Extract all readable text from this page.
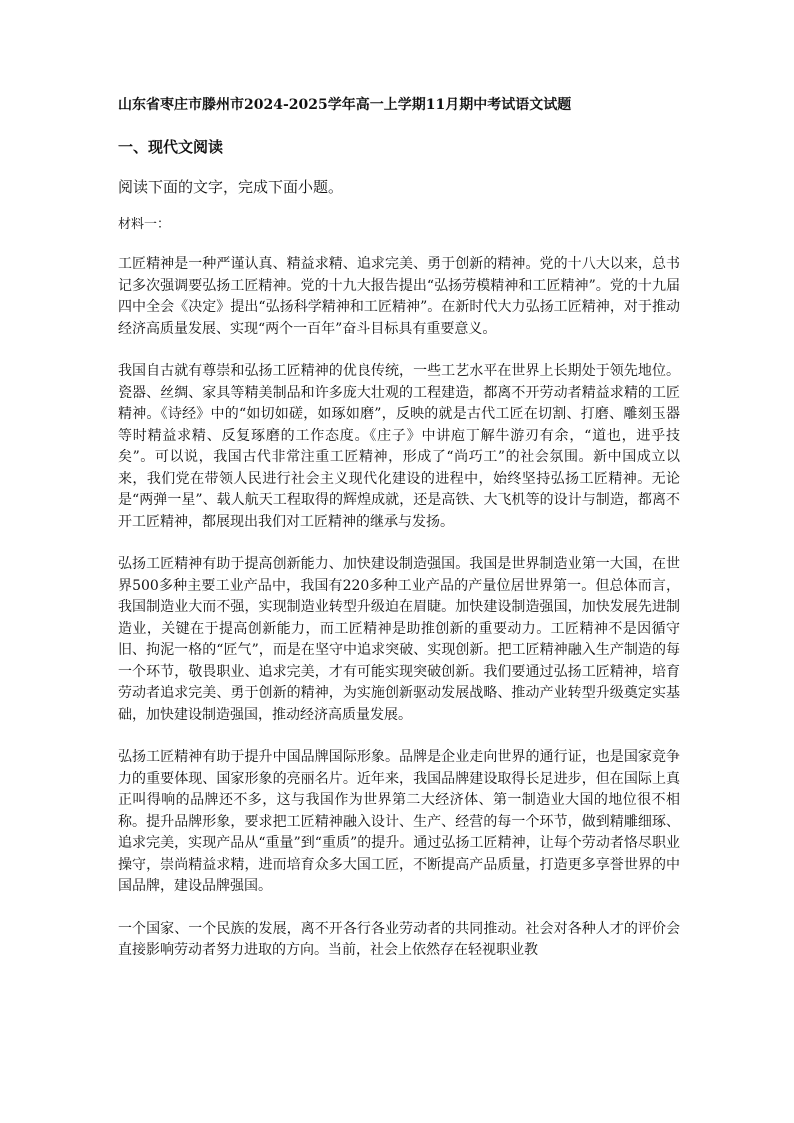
山东省枣庄市滕州市2024-2025学年高一上学期11月期中考试语文试题
一、现代文阅读

阅读下面的文字，完成下面小题。

材料一：

工匠精神是一种严谨认真、精益求精、追求完美、勇于创新的精神。党的十八大以来，总书记多次强调要弘扬工匠精神。党的十九大报告提出“弘扬劳模精神和工匠精神”。党的十九届四中全会《决定》提出“弘扬科学精神和工匠精神”。在新时代大力弘扬工匠精神，对于推动经济高质量发展、实现“两个一百年”奋斗目标具有重要意义。

我国自古就有尊崇和弘扬工匠精神的优良传统，一些工艺水平在世界上长期处于领先地位。瓷器、丝绸、家具等精美制品和许多庞大壮观的工程建造，都离不开劳动者精益求精的工匠精神。《诗经》中的“如切如磋，如琢如磨”，反映的就是古代工匠在切割、打磨、雕刻玉器等时精益求精、反复琢磨的工作态度。《庄子》中讲庖丁解牛游刃有余，“道也，进乎技矣”。可以说，我国古代非常注重工匠精神，形成了“尚巧工”的社会氛围。新中国成立以来，我们党在带领人民进行社会主义现代化建设的进程中，始终坚持弘扬工匠精神。无论是“两弹一星”、载人航天工程取得的辉煌成就，还是高铁、大飞机等的设计与制造，都离不开工匠精神，都展现出我们对工匠精神的继承与发扬。

弘扬工匠精神有助于提高创新能力、加快建设制造强国。我国是世界制造业第一大国，在世界500多种主要工业产品中，我国有220多种工业产品的产量位居世界第一。但总体而言，我国制造业大而不强，实现制造业转型升级迫在眉睫。加快建设制造强国，加快发展先进制造业，关键在于提高创新能力，而工匠精神是助推创新的重要动力。工匠精神不是因循守旧、拘泥一格的“匠气”，而是在坚守中追求突破、实现创新。把工匠精神融入生产制造的每一个环节，敬畏职业、追求完美，才有可能实现突破创新。我们要通过弘扬工匠精神，培育劳动者追求完美、勇于创新的精神，为实施创新驱动发展战略、推动产业转型升级奠定实基础，加快建设制造强国，推动经济高质量发展。

弘扬工匠精神有助于提升中国品牌国际形象。品牌是企业走向世界的通行证，也是国家竞争力的重要体现、国家形象的亮丽名片。近年来，我国品牌建设取得长足进步，但在国际上真正叫得响的品牌还不多，这与我国作为世界第二大经济体、第一制造业大国的地位很不相称。提升品牌形象，要求把工匠精神融入设计、生产、经营的每一个环节，做到精雕细琢、追求完美，实现产品从“重量”到“重质”的提升。通过弘扬工匠精神，让每个劳动者恪尽职业操守，崇尚精益求精，进而培育众多大国工匠，不断提高产品质量，打造更多享誉世界的中国品牌，建设品牌强国。

一个国家、一个民族的发展，离不开各行各业劳动者的共同推动。社会对各种人才的评价会直接影响劳动者努力进取的方向。当前，社会上依然存在轻视职业教
